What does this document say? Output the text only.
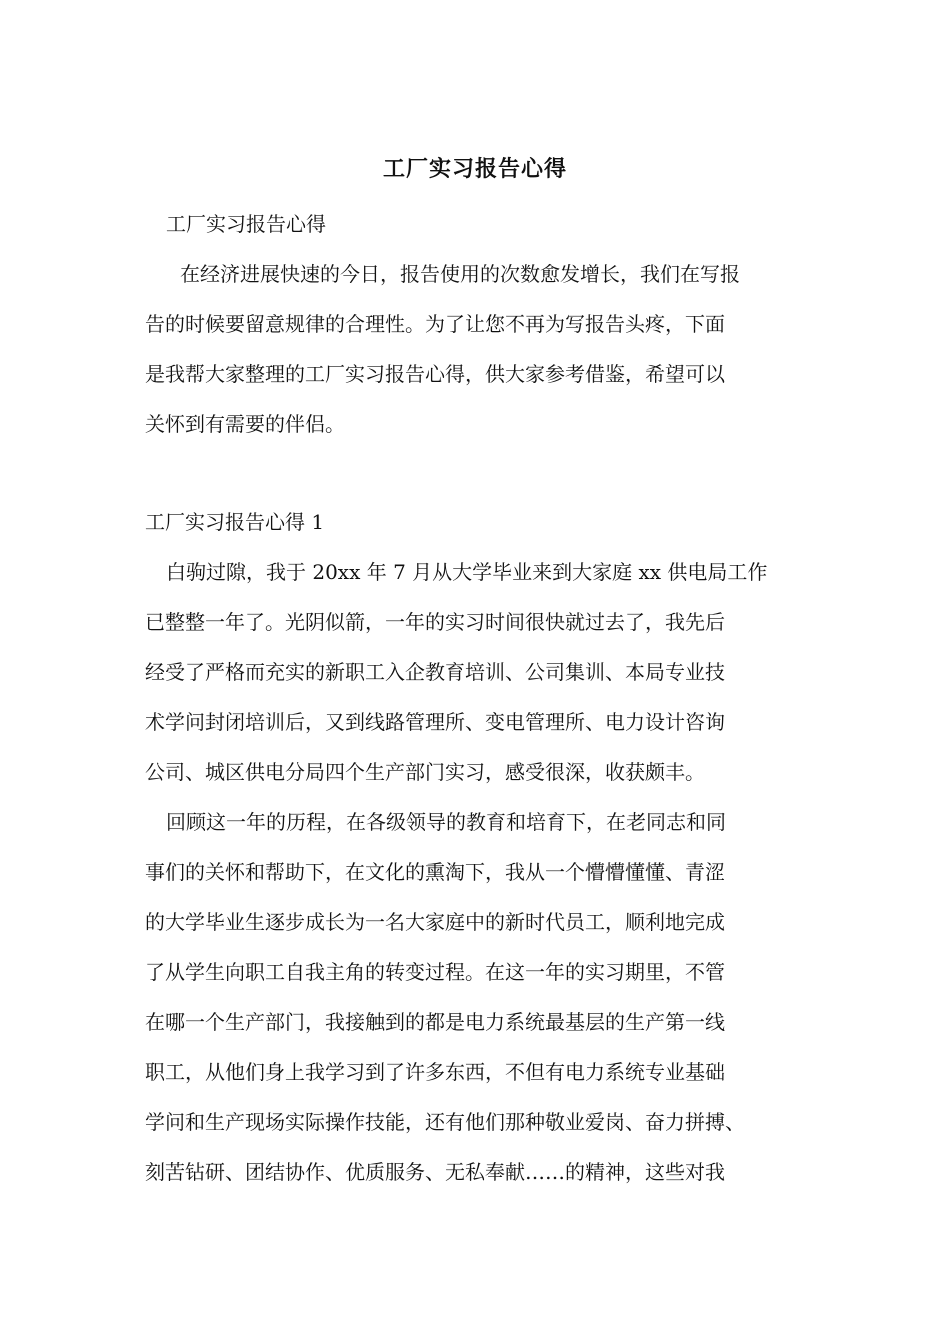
工厂实习报告心得
工厂实习报告心得
在经济进展快速的今日，报告使用的次数愈发增长，我们在写报
告的时候要留意规律的合理性。为了让您不再为写报告头疼，下面
是我帮大家整理的工厂实习报告心得，供大家参考借鉴，希望可以
关怀到有需要的伴侣。
工厂实习报告心得 1
白驹过隙，我于 20xx 年 7 月从大学毕业来到大家庭 xx 供电局工作
已整整一年了。光阴似箭，一年的实习时间很快就过去了，我先后
经受了严格而充实的新职工入企教育培训、公司集训、本局专业技
术学问封闭培训后，又到线路管理所、变电管理所、电力设计咨询
公司、城区供电分局四个生产部门实习，感受很深，收获颇丰。
回顾这一年的历程，在各级领导的教育和培育下，在老同志和同
事们的关怀和帮助下，在文化的熏淘下，我从一个懵懵懂懂、青涩
的大学毕业生逐步成长为一名大家庭中的新时代员工，顺利地完成
了从学生向职工自我主角的转变过程。在这一年的实习期里，不管
在哪一个生产部门，我接触到的都是电力系统最基层的生产第一线
职工，从他们身上我学习到了许多东西，不但有电力系统专业基础
学问和生产现场实际操作技能，还有他们那种敬业爱岗、奋力拼搏、
刻苦钻研、团结协作、优质服务、无私奉献……的精神，这些对我
